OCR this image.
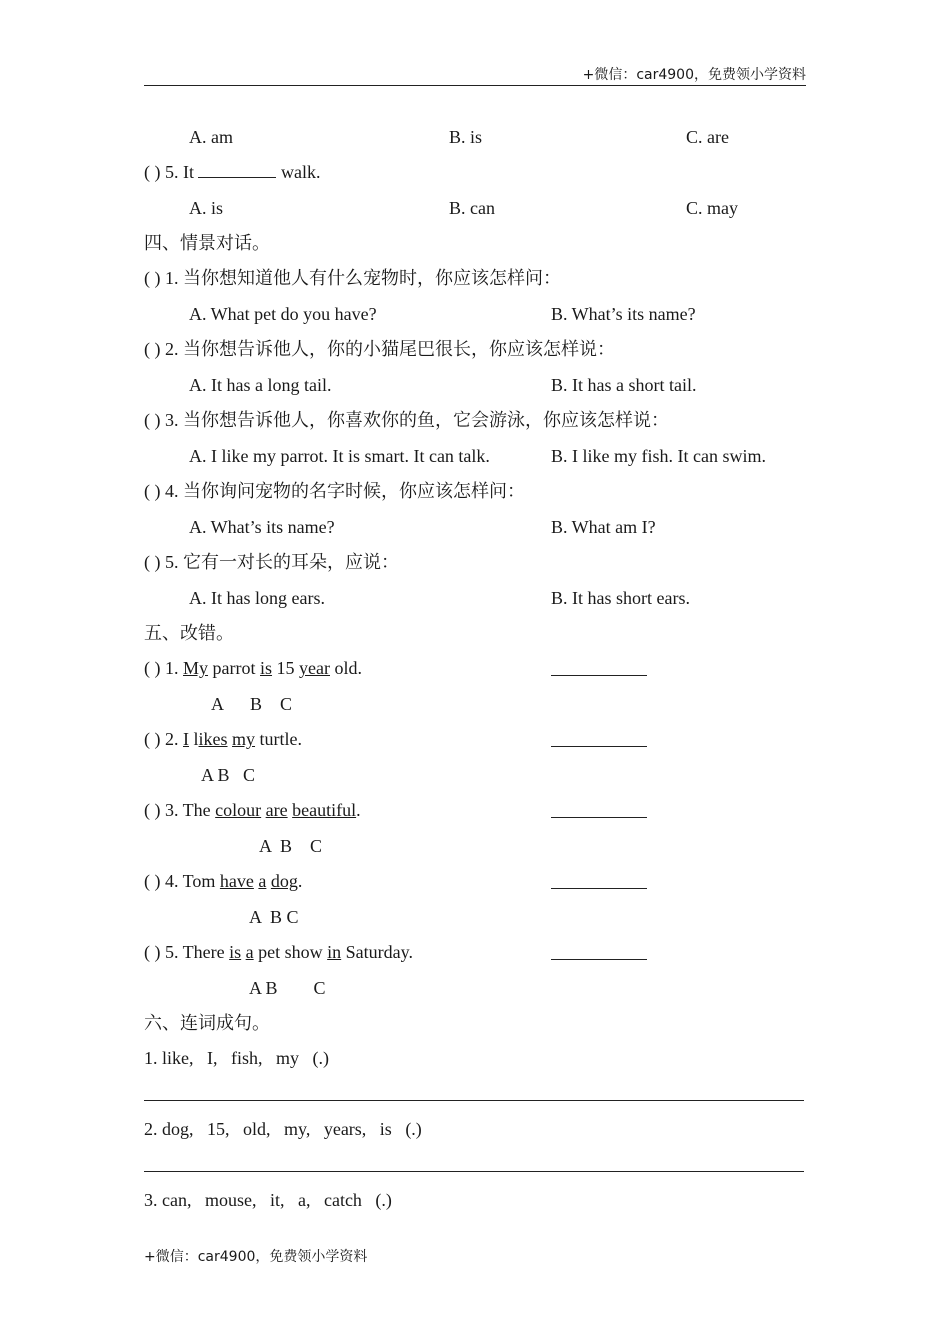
+微信：car4900，免费领小学资料
A. am	B. is	C. are
( ) 5. It	walk.
A. is	B. can	C. may
四、情景对话。
( ) 1. 当你想知道他人有什么宠物时，你应该怎样问：
A. What pet do you have?	B. What’s its name?
( ) 2. 当你想告诉他人，你的小猫尾巴很长，你应该怎样说：
A. It has a long tail.	B. It has a short tail.
( ) 3. 当你想告诉他人，你喜欢你的鱼，它会游泳，你应该怎样说：
A. I like my parrot. It is smart. It can talk.	B. I like my fish. It can swim.
( ) 4. 当你询问宠物的名字时候，你应该怎样问：
A. What’s its name?	B. What am I?
( ) 5. 它有一对长的耳朵，应说：
A. It has long ears.	B. It has short ears.
五、改错。
( ) 1. My parrot is 15 year old.
A      B    C
( ) 2. I likes my turtle.
A B   C
( ) 3. The colour are beautiful.
A  B    C
( ) 4. Tom have a dog.
A  B C
( ) 5. There is a pet show in Saturday.
A B        C
六、连词成句。
1. like,   I,   fish,   my   (.)
2. dog,   15,   old,   my,   years,   is   (.)
3. can,   mouse,   it,   a,   catch   (.)
+微信：car4900，免费领小学资料
